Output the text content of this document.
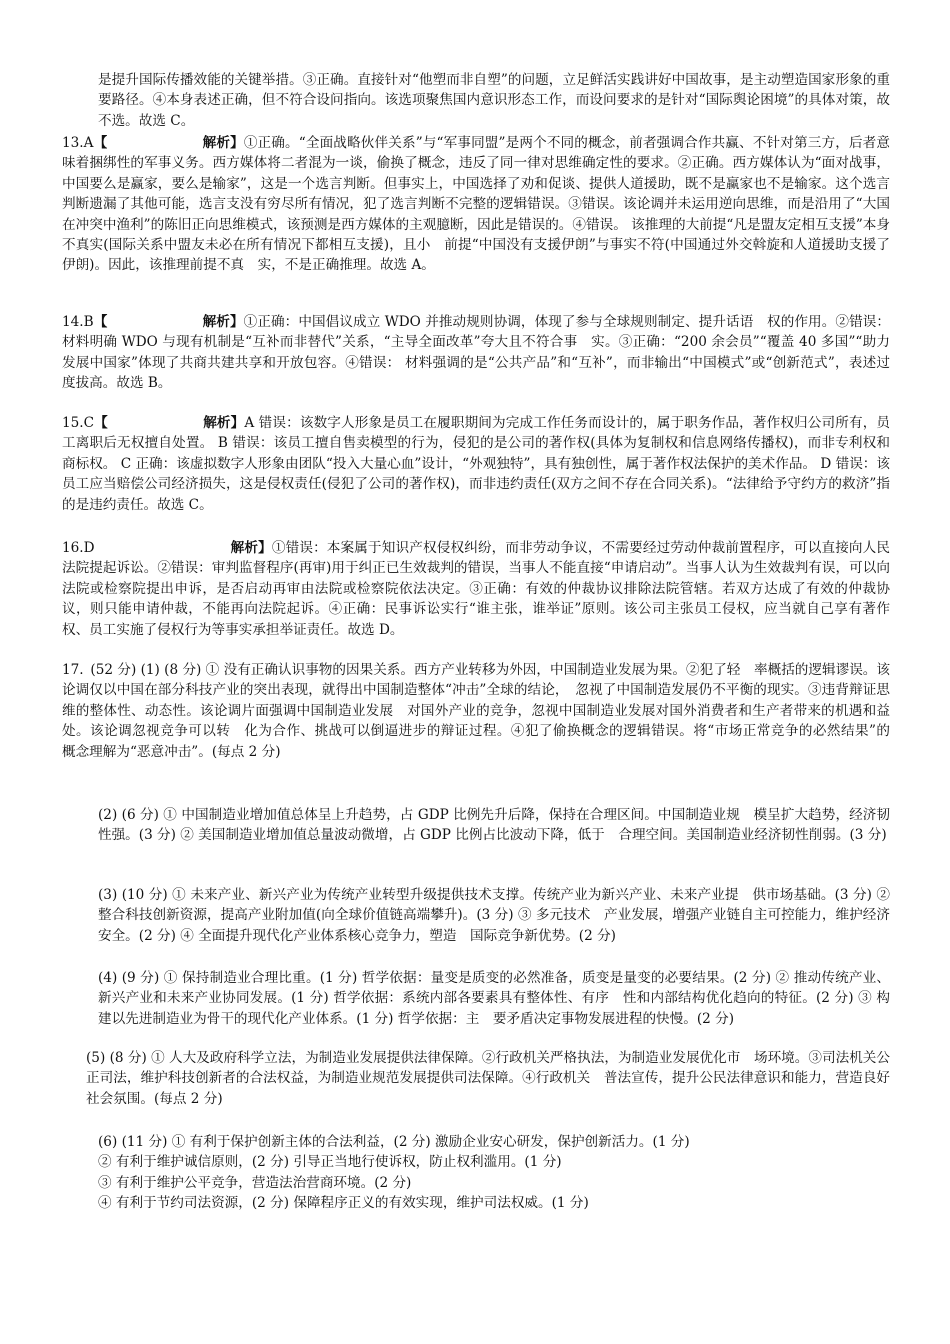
是提升国际传播效能的关键举措。③正确。直接针对“他塑而非自塑”的问题，立足鲜活实践讲好中国故事，是主动塑造国家形象的重要路径。④本身表述正确，但不符合设问指向。该选项聚焦国内意识形态工作，而设问要求的是针对“国际舆论困境”的具体对策，故不选。故选 C。

13.A【       	解析】①正确。“全面战略伙伴关系”与“军事同盟”是两个不同的概念，前者强调合作共赢、不针对第三方，后者意味着捆绑性的军事义务。西方媒体将二者混为一谈，偷换了概念，违反了同一律对思维确定性的要求。②正确。西方媒体认为“面对战事，中国要么是赢家，要么是输家”，这是一个选言判断。但事实上，中国选择了劝和促谈、提供人道援助，既不是赢家也不是输家。这个选言判断遗漏了其他可能，选言支没有穷尽所有情况，犯了选言判断不完整的逻辑错误。③错误。该论调并未运用逆向思维，而是沿用了“大国在冲突中渔利”的陈旧正向思维模式，该预测是西方媒体的主观臆断，因此是错误的。④错误。 该推理的大前提“凡是盟友定相互支援”本身不真实(国际关系中盟友未必在所有情况下都相互支援)，且小　前提“中国没有支援伊朗”与事实不符(中国通过外交斡旋和人道援助支援了伊朗)。因此，该推理前提不真　实，不是正确推理。故选 A。

14.B【       	解析】①正确：中国倡议成立 WDO 并推动规则协调，体现了参与全球规则制定、提升话语　权的作用。②错误：材料明确 WDO 与现有机制是“互补而非替代”关系，“主导全面改革”夸大且不符合事　实。③正确：“200 余会员”“覆盖 40 多国”“助力发展中国家”体现了共商共建共享和开放包容。④错误： 材料强调的是“公共产品”和“互补”，而非输出“中国模式”或“创新范式”，表述过度拔高。故选 B。

15.C【       	解析】A 错误：该数字人形象是员工在履职期间为完成工作任务而设计的，属于职务作品，著作权归公司所有，员工离职后无权擅自处置。 B 错误：该员工擅自售卖模型的行为，侵犯的是公司的著作权(具体为复制权和信息网络传播权)，而非专利权和商标权。 C 正确：该虚拟数字人形象由团队“投入大量心血”设计，“外观独特”，具有独创性，属于著作权法保护的美术作品。 D 错误：该员工应当赔偿公司经济损失，这是侵权责任(侵犯了公司的著作权)，而非违约责任(双方之间不存在合同关系)。“法律给予守约方的救济”指的是违约责任。故选 C。

16.D          	解析】①错误：本案属于知识产权侵权纠纷，而非劳动争议，不需要经过劳动仲裁前置程序，可以直接向人民法院提起诉讼。②错误：审判监督程序(再审)用于纠正已生效裁判的错误，当事人不能直接“申请启动”。当事人认为生效裁判有误，可以向法院或检察院提出申诉，是否启动再审由法院或检察院依法决定。③正确：有效的仲裁协议排除法院管辖。若双方达成了有效的仲裁协议，则只能申请仲裁，不能再向法院起诉。④正确：民事诉讼实行“谁主张，谁举证”原则。该公司主张员工侵权，应当就自己享有著作权、员工实施了侵权行为等事实承担举证责任。故选 D。

17.  (52 分) (1) (8 分) ① 没有正确认识事物的因果关系。西方产业转移为外因，中国制造业发展为果。②犯了轻　率概括的逻辑谬误。该论调仅以中国在部分科技产业的突出表现，就得出中国制造整体“冲击”全球的结论，　忽视了中国制造发展仍不平衡的现实。③违背辩证思维的整体性、动态性。该论调片面强调中国制造业发展　对国外产业的竞争，忽视中国制造业发展对国外消费者和生产者带来的机遇和益处。该论调忽视竞争可以转　化为合作、挑战可以倒逼进步的辩证过程。④犯了偷换概念的逻辑错误。将“市场正常竞争的必然结果”的　概念理解为“恶意冲击”。(每点 2 分)

(2) (6 分) ① 中国制造业增加值总体呈上升趋势，占 GDP 比例先升后降，保持在合理区间。中国制造业规　模呈扩大趋势，经济韧性强。(3 分) ② 美国制造业增加值总量波动微增，占 GDP 比例占比波动下降，低于　合理空间。美国制造业经济韧性削弱。(3 分)

(3) (10 分) ① 未来产业、新兴产业为传统产业转型升级提供技术支撑。传统产业为新兴产业、未来产业提　供市场基础。(3 分) ② 整合科技创新资源，提高产业附加值(向全球价值链高端攀升)。(3 分) ③ 多元技术　产业发展，增强产业链自主可控能力，维护经济安全。(2 分) ④ 全面提升现代化产业体系核心竞争力，塑造　国际竞争新优势。(2 分)

(4) (9 分) ① 保持制造业合理比重。(1 分) 哲学依据：量变是质变的必然准备，质变是量变的必要结果。(2 分) ② 推动传统产业、新兴产业和未来产业协同发展。(1 分) 哲学依据：系统内部各要素具有整体性、有序　性和内部结构优化趋向的特征。(2 分) ③ 构建以先进制造业为骨干的现代化产业体系。(1 分) 哲学依据：主　要矛盾决定事物发展进程的快慢。(2 分)

(5) (8 分) ① 人大及政府科学立法，为制造业发展提供法律保障。②行政机关严格执法，为制造业发展优化市　场环境。③司法机关公正司法，维护科技创新者的合法权益，为制造业规范发展提供司法保障。④行政机关　普法宣传，提升公民法律意识和能力，营造良好社会氛围。(每点 2 分)

(6) (11 分) ① 有利于保护创新主体的合法利益，(2 分) 激励企业安心研发，保护创新活力。(1 分)
② 有利于维护诚信原则，(2 分) 引导正当地行使诉权，防止权利滥用。(1 分)
③ 有利于维护公平竞争，营造法治营商环境。(2 分)
④ 有利于节约司法资源，(2 分) 保障程序正义的有效实现，维护司法权威。(1 分)
